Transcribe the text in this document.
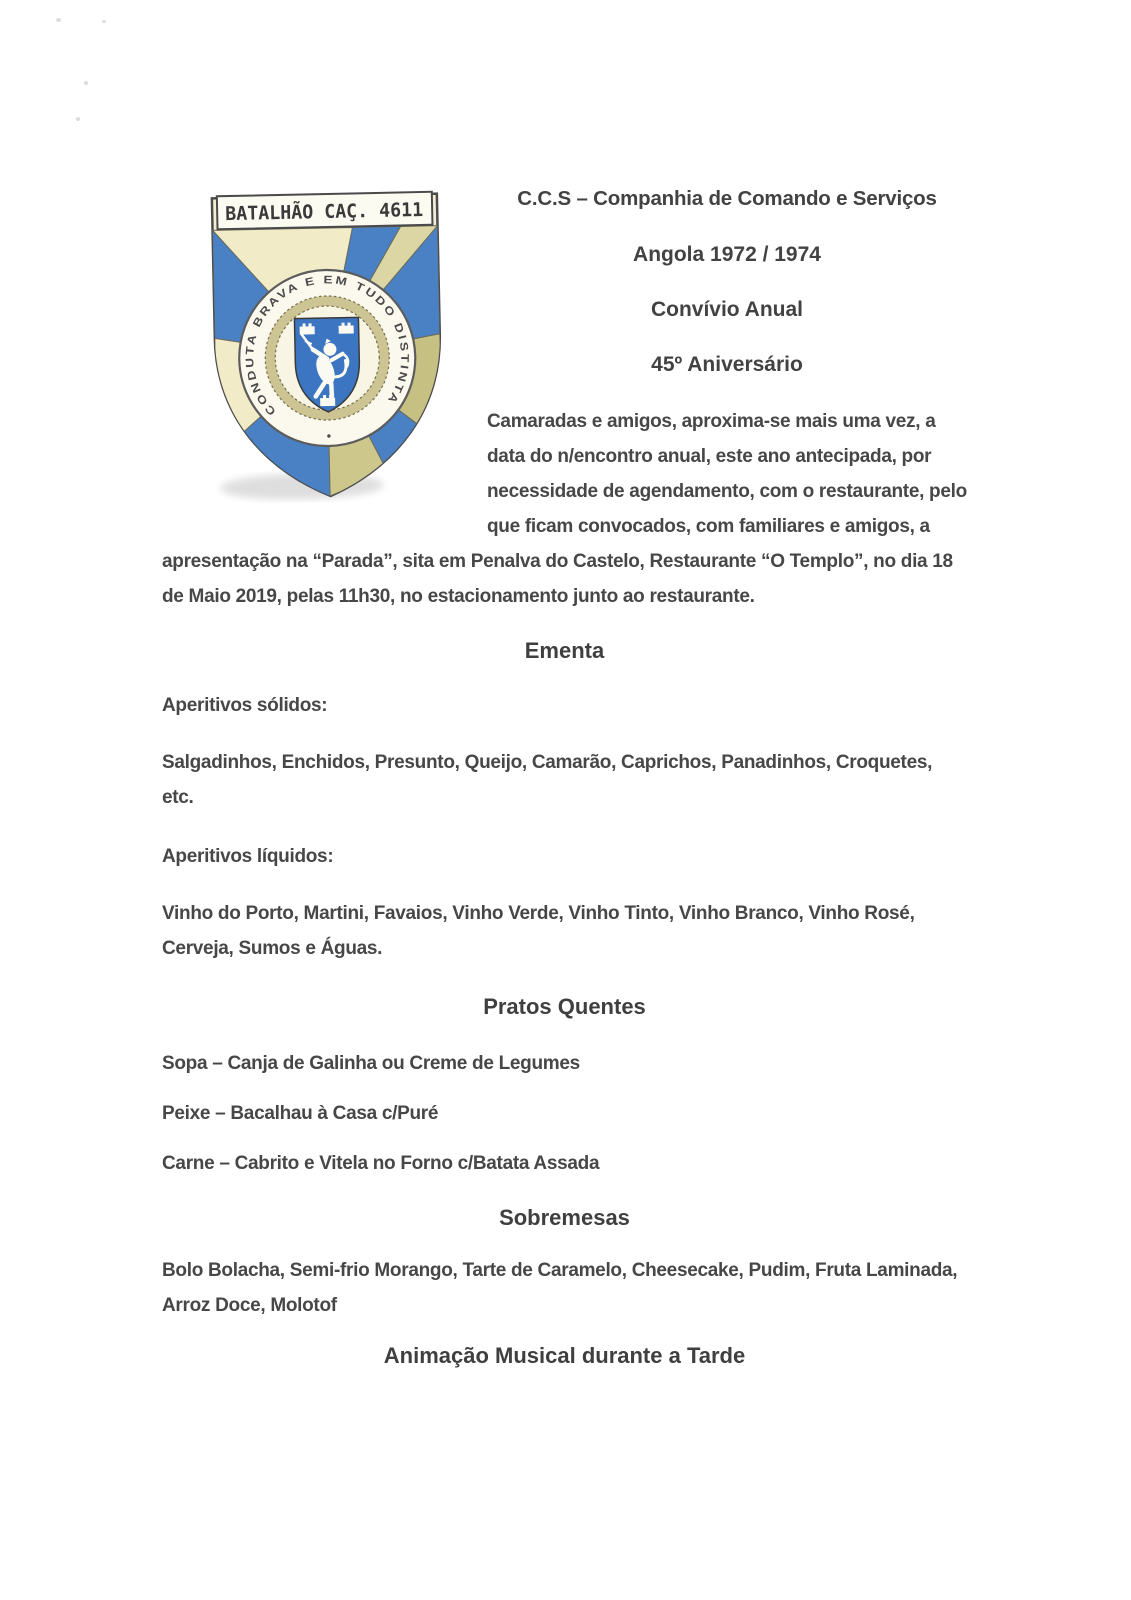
CONDUTA BRAVA E EM TUDO DISTINTA
•
BATALHÃO CAÇ. 4611
C.C.S – Companhia de Comando e Serviços
Angola 1972 / 1974
Convívio Anual
45º Aniversário

Camaradas e amigos, aproxima-se mais uma vez, a data do n/encontro anual, este ano antecipada, por necessidade de agendamento, com o restaurante, pelo que ficam convocados, com familiares e amigos, a apresentação na “Parada”, sita em Penalva do Castelo, Restaurante “O Templo”, no dia 18 de Maio 2019, pelas 11h30, no estacionamento junto ao restaurante.

Ementa

Aperitivos sólidos:

Salgadinhos, Enchidos, Presunto, Queijo, Camarão, Caprichos, Panadinhos, Croquetes, etc.

Aperitivos líquidos:

Vinho do Porto, Martini, Favaios, Vinho Verde, Vinho Tinto, Vinho Branco, Vinho Rosé, Cerveja, Sumos e Águas.

Pratos Quentes

Sopa – Canja de Galinha ou Creme de Legumes

Peixe – Bacalhau à Casa c/Puré

Carne – Cabrito e Vitela no Forno c/Batata Assada

Sobremesas

Bolo Bolacha, Semi-frio Morango, Tarte de Caramelo, Cheesecake, Pudim, Fruta Laminada, Arroz Doce, Molotof

Animação Musical durante a Tarde
